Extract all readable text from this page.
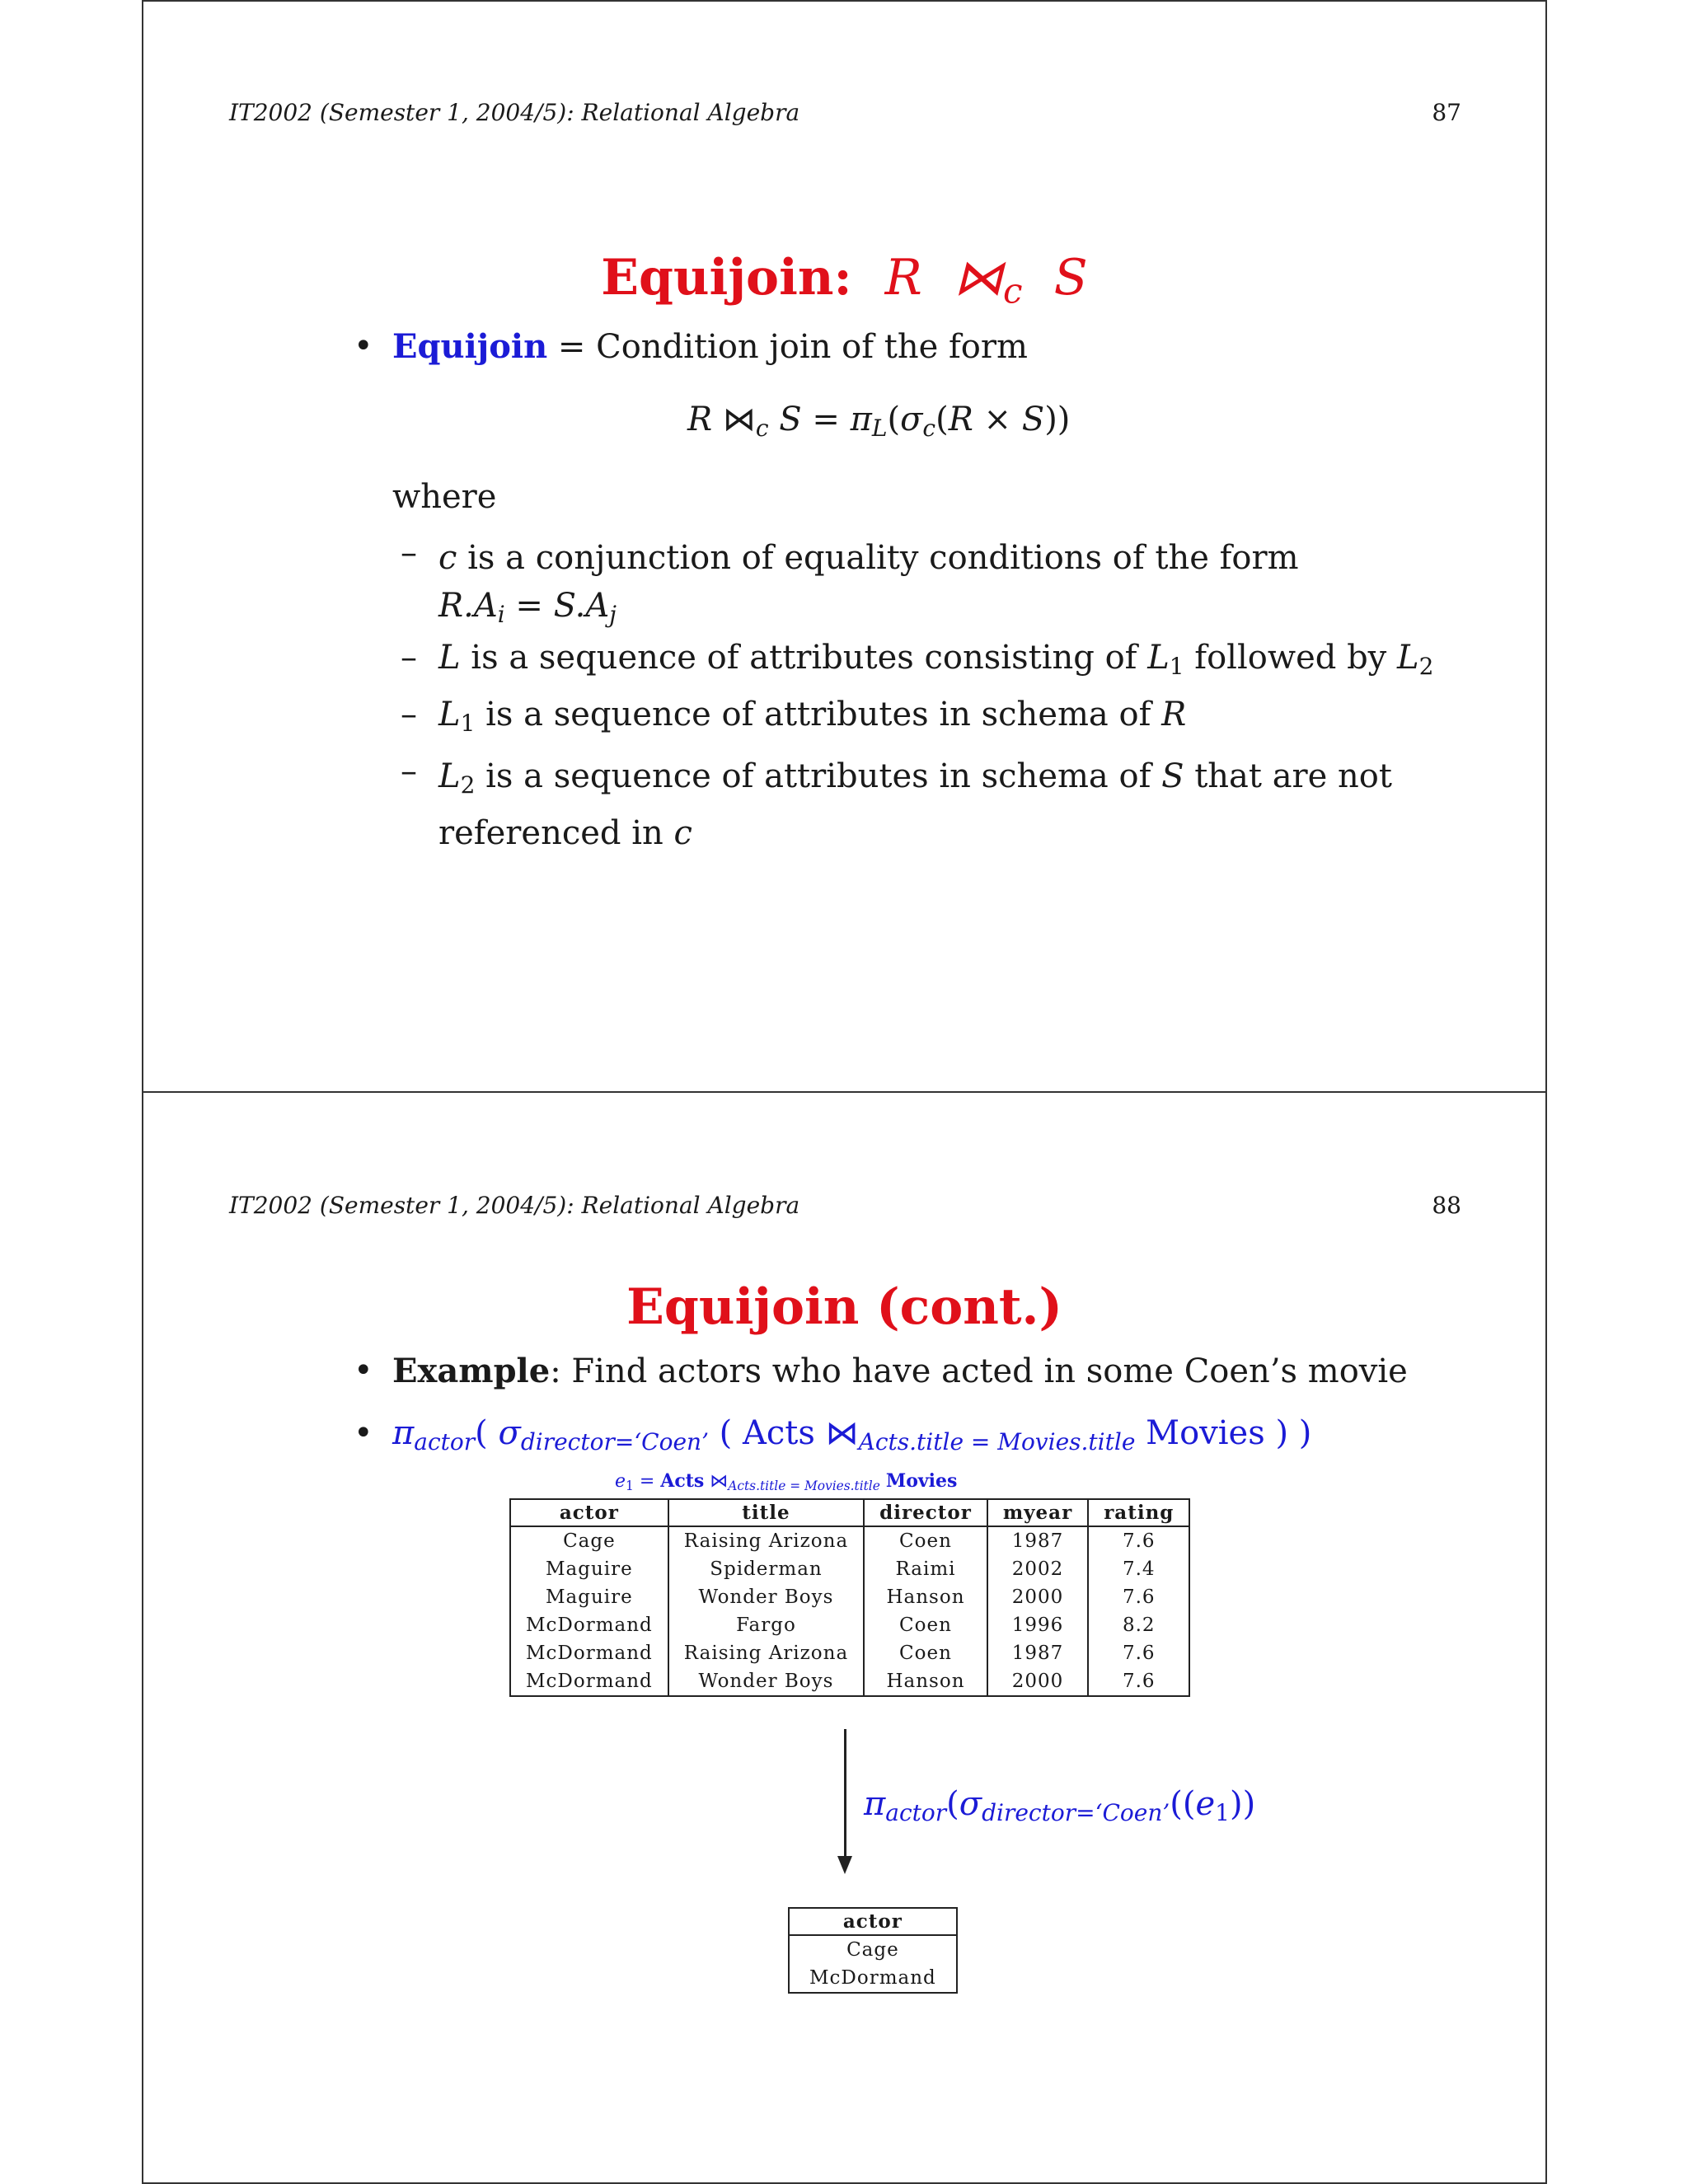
IT2002 (Semester 1, 2004/5): Relational Algebra	87
Equijoin:  R  $⋈_c$  S
• Equijoin = Condition join of the form
R $⋈_c$ $S = \pi_L(\sigma_c(R \times S))$
where
– c is a conjunction of equality conditions of the form
$R.A_i = S.A_j$
– L is a sequence of attributes consisting of $L_1$ followed by $L_2$
– $L_1$ is a sequence of attributes in schema of R
– $L_2$ is a sequence of attributes in schema of S that are not
referenced in c
IT2002 (Semester 1, 2004/5): Relational Algebra	88
Equijoin (cont.)
• Example: Find actors who have acted in some Coen’s movie
• $\pi_{actor}$( $\sigma_{director=‘Coen’}$ ( Acts $⋈_{Acts.title = Movies.title}$ Movies ) )
$e_1$ = Acts $⋈_{Acts.title = Movies.title}$ Movies
actor	title	director	myear	rating
Cage	Raising Arizona	Coen	1987	7.6
Maguire	Spiderman	Raimi	2002	7.4
Maguire	Wonder Boys	Hanson	2000	7.6
McDormand	Fargo	Coen	1996	8.2
McDormand	Raising Arizona	Coen	1987	7.6
McDormand	Wonder Boys	Hanson	2000	7.6
$\pi_{actor}(\sigma_{director=‘Coen’}((e_1))$
actor
Cage
McDormand
